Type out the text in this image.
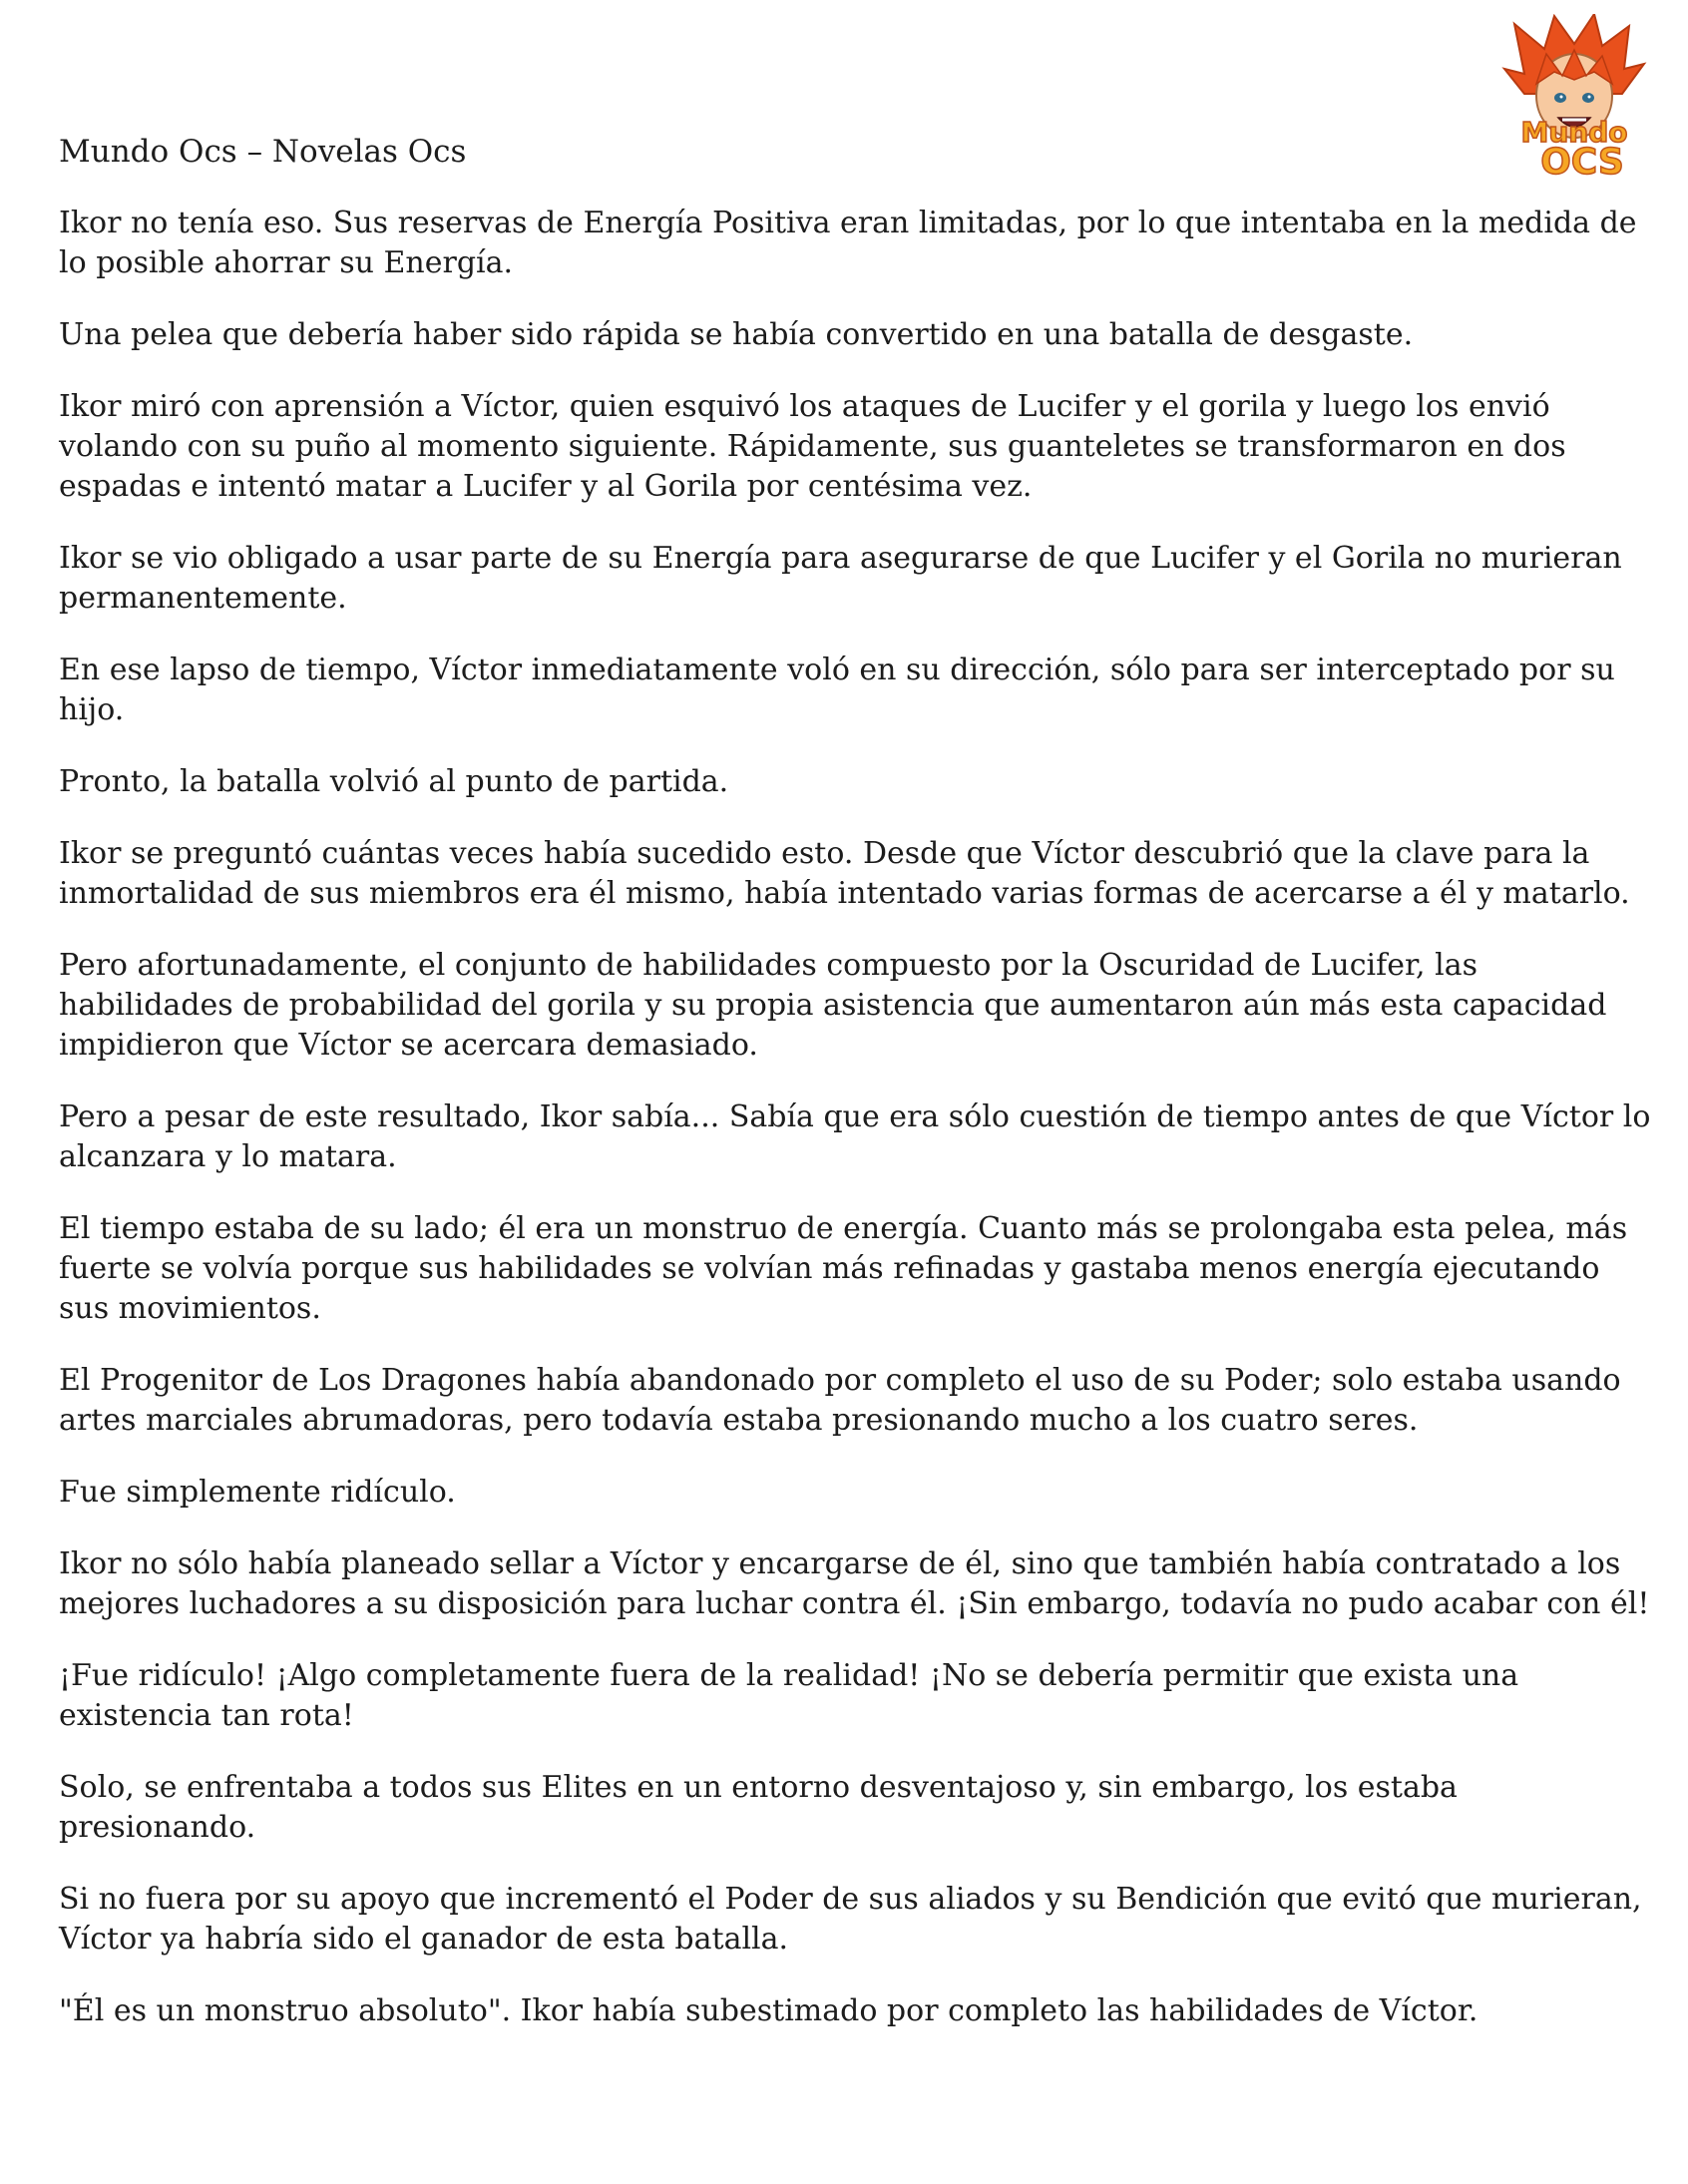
Mundo Ocs – Novelas Ocs
Mundo
OCS

Ikor no tenía eso. Sus reservas de Energía Positiva eran limitadas, por lo que intentaba en la medida de lo posible ahorrar su Energía.

Una pelea que debería haber sido rápida se había convertido en una batalla de desgaste.

Ikor miró con aprensión a Víctor, quien esquivó los ataques de Lucifer y el gorila y luego los envió volando con su puño al momento siguiente. Rápidamente, sus guanteletes se transformaron en dos espadas e intentó matar a Lucifer y al Gorila por centésima vez.

Ikor se vio obligado a usar parte de su Energía para asegurarse de que Lucifer y el Gorila no murieran permanentemente.

En ese lapso de tiempo, Víctor inmediatamente voló en su dirección, sólo para ser interceptado por su hijo.

Pronto, la batalla volvió al punto de partida.

Ikor se preguntó cuántas veces había sucedido esto. Desde que Víctor descubrió que la clave para la inmortalidad de sus miembros era él mismo, había intentado varias formas de acercarse a él y matarlo.

Pero afortunadamente, el conjunto de habilidades compuesto por la Oscuridad de Lucifer, las habilidades de probabilidad del gorila y su propia asistencia que aumentaron aún más esta capacidad impidieron que Víctor se acercara demasiado.

Pero a pesar de este resultado, Ikor sabía... Sabía que era sólo cuestión de tiempo antes de que Víctor lo alcanzara y lo matara.

El tiempo estaba de su lado; él era un monstruo de energía. Cuanto más se prolongaba esta pelea, más fuerte se volvía porque sus habilidades se volvían más refinadas y gastaba menos energía ejecutando sus movimientos.

El Progenitor de Los Dragones había abandonado por completo el uso de su Poder; solo estaba usando artes marciales abrumadoras, pero todavía estaba presionando mucho a los cuatro seres.

Fue simplemente ridículo.

Ikor no sólo había planeado sellar a Víctor y encargarse de él, sino que también había contratado a los mejores luchadores a su disposición para luchar contra él. ¡Sin embargo, todavía no pudo acabar con él!

¡Fue ridículo! ¡Algo completamente fuera de la realidad! ¡No se debería permitir que exista una existencia tan rota!

Solo, se enfrentaba a todos sus Elites en un entorno desventajoso y, sin embargo, los estaba presionando.

Si no fuera por su apoyo que incrementó el Poder de sus aliados y su Bendición que evitó que murieran, Víctor ya habría sido el ganador de esta batalla.

"Él es un monstruo absoluto". Ikor había subestimado por completo las habilidades de Víctor.
